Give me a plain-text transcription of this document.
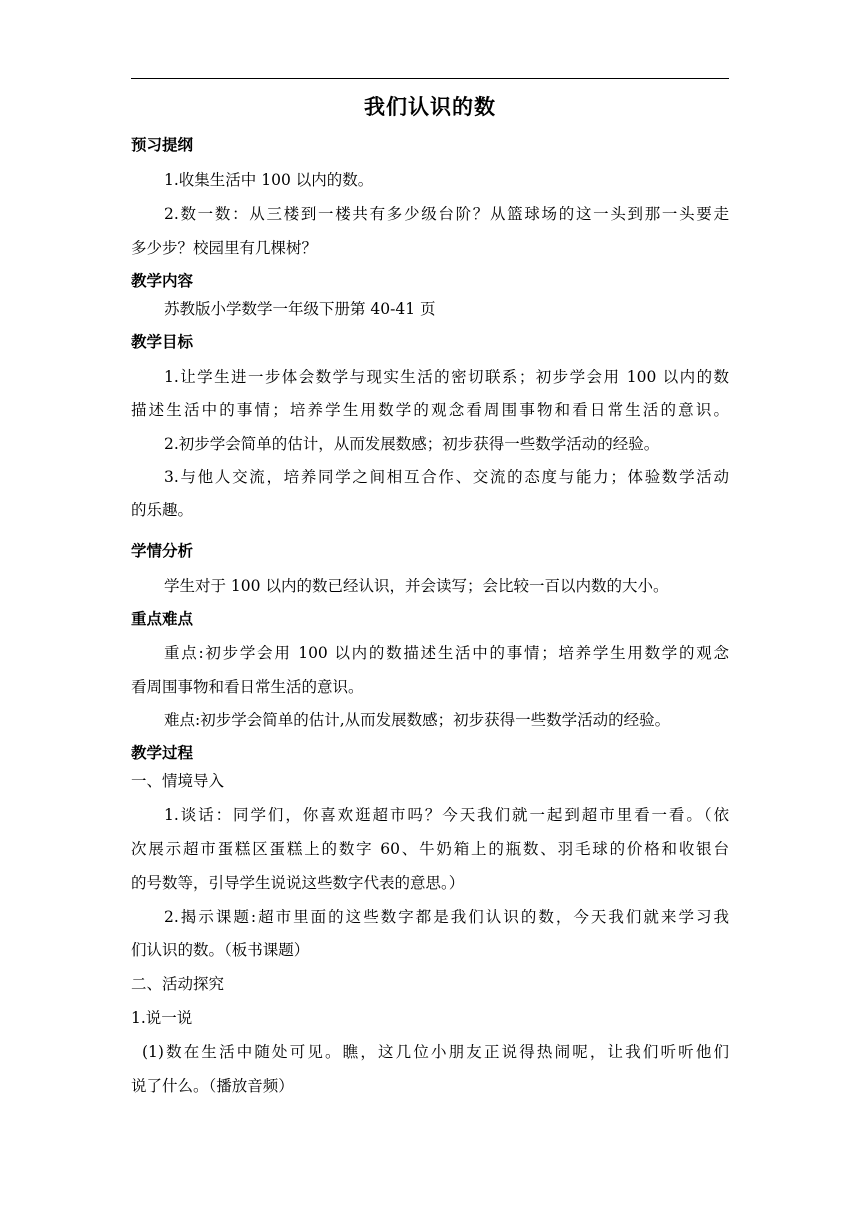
我们认识的数
预习提纲
1.收集生活中 100 以内的数。
2.数一数：从三楼到一楼共有多少级台阶？从篮球场的这一头到那一头要走
多少步？校园里有几棵树？
教学内容
苏教版小学数学一年级下册第 40-41 页
教学目标
1.让学生进一步体会数学与现实生活的密切联系；初步学会用 100 以内的数
描述生活中的事情；培养学生用数学的观念看周围事物和看日常生活的意识。
2.初步学会简单的估计，从而发展数感；初步获得一些数学活动的经验。
3.与他人交流，培养同学之间相互合作、交流的态度与能力；体验数学活动
的乐趣。
学情分析
学生对于 100 以内的数已经认识，并会读写；会比较一百以内数的大小。
重点难点
重点:初步学会用 100 以内的数描述生活中的事情；培养学生用数学的观念
看周围事物和看日常生活的意识。
难点:初步学会简单的估计,从而发展数感；初步获得一些数学活动的经验。
教学过程
一、情境导入
1.谈话：同学们，你喜欢逛超市吗？今天我们就一起到超市里看一看。（依
次展示超市蛋糕区蛋糕上的数字 60、牛奶箱上的瓶数、羽毛球的价格和收银台
的号数等，引导学生说说这些数字代表的意思。）
2.揭示课题:超市里面的这些数字都是我们认识的数，今天我们就来学习我
们认识的数。（板书课题）
二、活动探究
1.说一说
(1)数在生活中随处可见。瞧，这几位小朋友正说得热闹呢，让我们听听他们
说了什么。（播放音频）
